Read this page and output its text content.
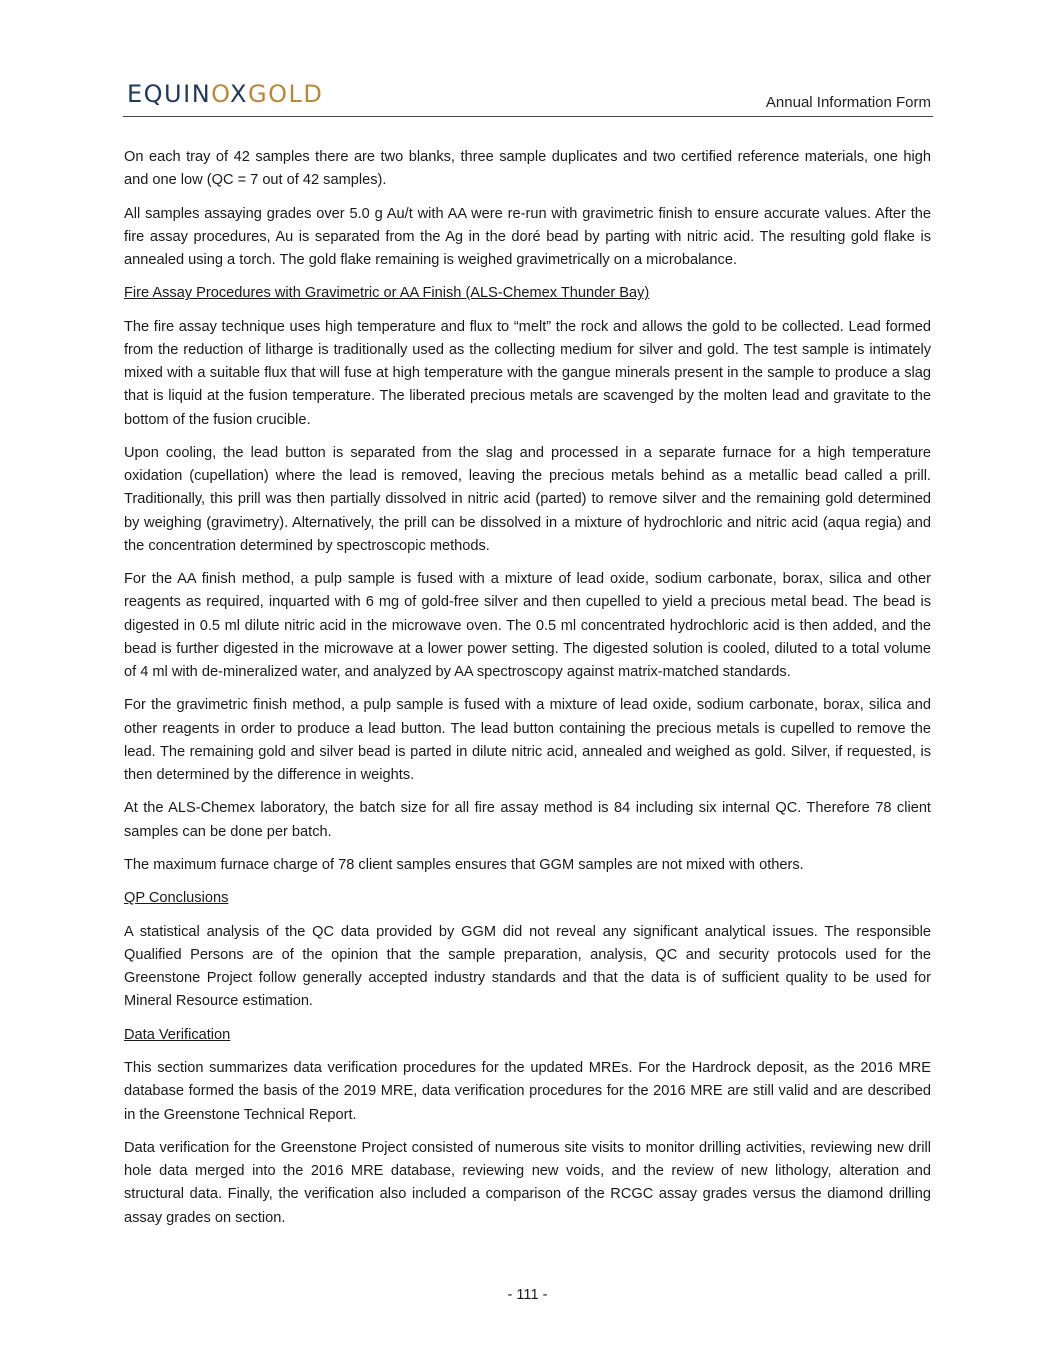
EQUINOXGOLD	Annual Information Form

On each tray of 42 samples there are two blanks, three sample duplicates and two certified reference materials, one high and one low (QC = 7 out of 42 samples).

All samples assaying grades over 5.0 g Au/t with AA were re-run with gravimetric finish to ensure accurate values. After the fire assay procedures, Au is separated from the Ag in the doré bead by parting with nitric acid. The resulting gold flake is annealed using a torch. The gold flake remaining is weighed gravimetrically on a microbalance.

Fire Assay Procedures with Gravimetric or AA Finish (ALS-Chemex Thunder Bay)

The fire assay technique uses high temperature and flux to “melt” the rock and allows the gold to be collected. Lead formed from the reduction of litharge is traditionally used as the collecting medium for silver and gold. The test sample is intimately mixed with a suitable flux that will fuse at high temperature with the gangue minerals present in the sample to produce a slag that is liquid at the fusion temperature. The liberated precious metals are scavenged by the molten lead and gravitate to the bottom of the fusion crucible.

Upon cooling, the lead button is separated from the slag and processed in a separate furnace for a high temperature oxidation (cupellation) where the lead is removed, leaving the precious metals behind as a metallic bead called a prill. Traditionally, this prill was then partially dissolved in nitric acid (parted) to remove silver and the remaining gold determined by weighing (gravimetry). Alternatively, the prill can be dissolved in a mixture of hydrochloric and nitric acid (aqua regia) and the concentration determined by spectroscopic methods.

For the AA finish method, a pulp sample is fused with a mixture of lead oxide, sodium carbonate, borax, silica and other reagents as required, inquarted with 6 mg of gold-free silver and then cupelled to yield a precious metal bead. The bead is digested in 0.5 ml dilute nitric acid in the microwave oven. The 0.5 ml concentrated hydrochloric acid is then added, and the bead is further digested in the microwave at a lower power setting. The digested solution is cooled, diluted to a total volume of 4 ml with de-mineralized water, and analyzed by AA spectroscopy against matrix-matched standards.

For the gravimetric finish method, a pulp sample is fused with a mixture of lead oxide, sodium carbonate, borax, silica and other reagents in order to produce a lead button. The lead button containing the precious metals is cupelled to remove the lead. The remaining gold and silver bead is parted in dilute nitric acid, annealed and weighed as gold. Silver, if requested, is then determined by the difference in weights.

At the ALS-Chemex laboratory, the batch size for all fire assay method is 84 including six internal QC. Therefore 78 client samples can be done per batch.

The maximum furnace charge of 78 client samples ensures that GGM samples are not mixed with others.

QP Conclusions

A statistical analysis of the QC data provided by GGM did not reveal any significant analytical issues. The responsible Qualified Persons are of the opinion that the sample preparation, analysis, QC and security protocols used for the Greenstone Project follow generally accepted industry standards and that the data is of sufficient quality to be used for Mineral Resource estimation.

Data Verification

This section summarizes data verification procedures for the updated MREs. For the Hardrock deposit, as the 2016 MRE database formed the basis of the 2019 MRE, data verification procedures for the 2016 MRE are still valid and are described in the Greenstone Technical Report.

Data verification for the Greenstone Project consisted of numerous site visits to monitor drilling activities, reviewing new drill hole data merged into the 2016 MRE database, reviewing new voids, and the review of new lithology, alteration and structural data. Finally, the verification also included a comparison of the RCGC assay grades versus the diamond drilling assay grades on section.

- 111 -
